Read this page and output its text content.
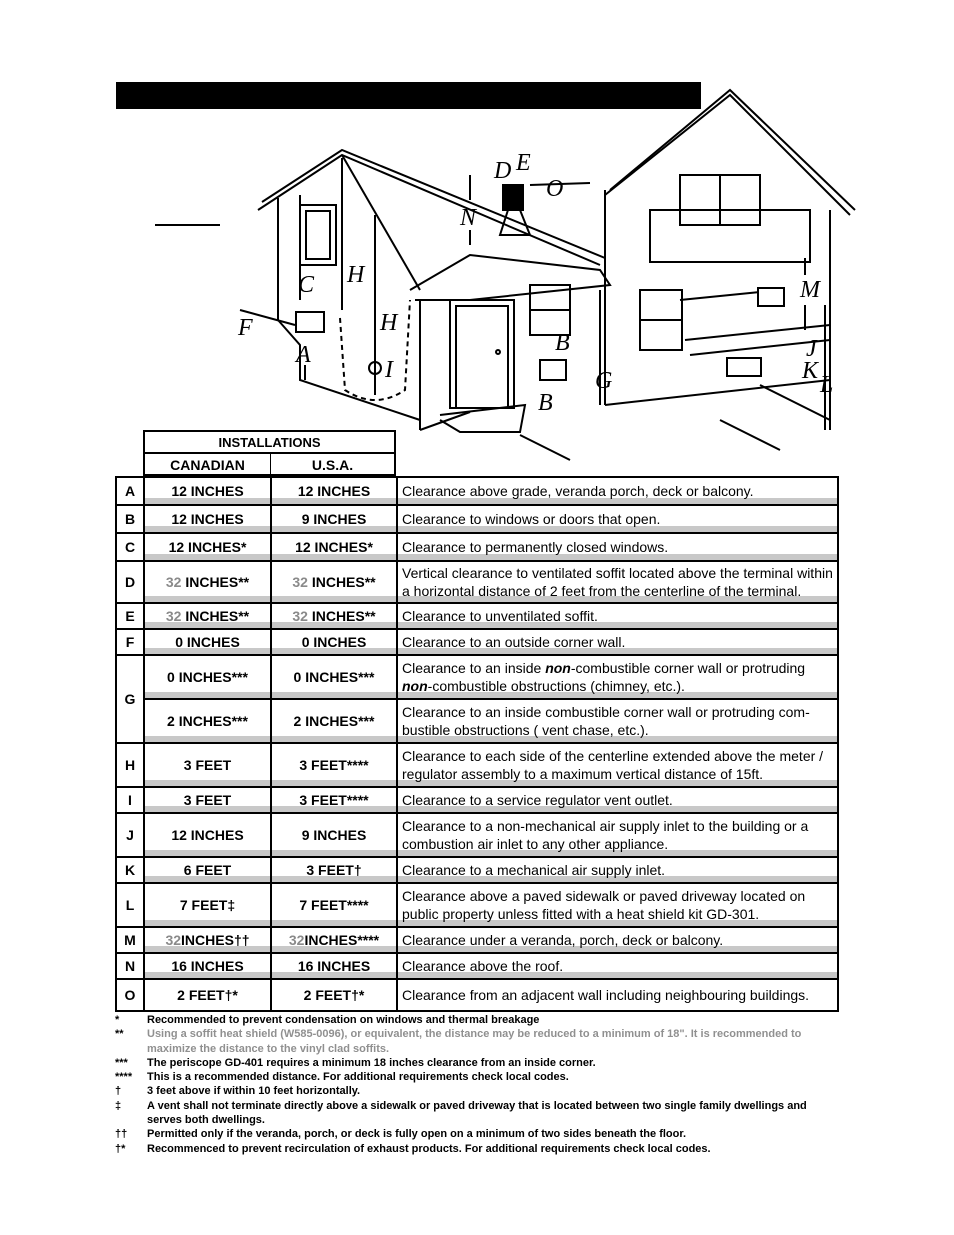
A	B
B
C
D E
F
G
H
H
I
J
K
L
M
N
O
INSTALLATIONS
CANADIAN	U.S.A.
A	12 INCHES	12 INCHES	Clearance above grade, veranda porch, deck or balcony.
B	12 INCHES	9 INCHES	Clearance to windows or doors that open.
C	12 INCHES*	12 INCHES*	Clearance to permanently closed windows.
D	32 INCHES**	32 INCHES**	Vertical clearance to ventilated soffit located above the terminal within a horizontal distance of 2 feet from the centerline of the terminal.
E	32 INCHES**	32 INCHES**	Clearance to unventilated soffit.
F	0 INCHES	0 INCHES	Clearance to an outside corner wall.
G	0 INCHES***	0 INCHES***	Clearance to an inside non-combustible corner wall or protruding non-combustible obstructions (chimney, etc.).
	2 INCHES***	2 INCHES***	Clearance to an inside combustible corner wall or protruding com-bustible obstructions ( vent chase, etc.).
H	3 FEET	3 FEET****	Clearance to each side of the centerline extended above the meter / regulator assembly to a maximum vertical distance of 15ft.
I	3 FEET	3 FEET****	Clearance to a service regulator vent outlet.
J	12 INCHES	9 INCHES	Clearance to a non-mechanical air supply inlet to the building or a combustion air inlet to any other appliance.
K	6 FEET	3 FEET†	Clearance to a mechanical air supply inlet.
L	7 FEET‡	7 FEET****	Clearance above a paved sidewalk or paved driveway located on public property unless fitted with a heat shield kit GD-301.
M	32INCHES††	32INCHES****	Clearance under a veranda, porch, deck or balcony.
N	16 INCHES	16 INCHES	Clearance above the roof.
O	2 FEET†*	2 FEET†*	Clearance from an adjacent wall including neighbouring buildings.
*	Recommended to prevent condensation on windows and thermal breakage
**	Using a soffit heat shield (W585-0096), or equivalent, the distance may be reduced to a minimum of 18". It is recommended to maximize the distance to the vinyl clad soffits.
***	The periscope GD-401 requires a minimum 18 inches clearance from an inside corner.
****	This is a recommended distance. For additional requirements check local codes.
†	3 feet above if within 10 feet horizontally.
‡	A vent shall not terminate directly above a sidewalk or paved driveway that is located between two single family dwellings and serves both dwellings.
††	Permitted only if the veranda, porch, or deck is fully open on a minimum of two sides beneath the floor.
†*	Recommenced to prevent recirculation of exhaust products. For additional requirements check local codes.
